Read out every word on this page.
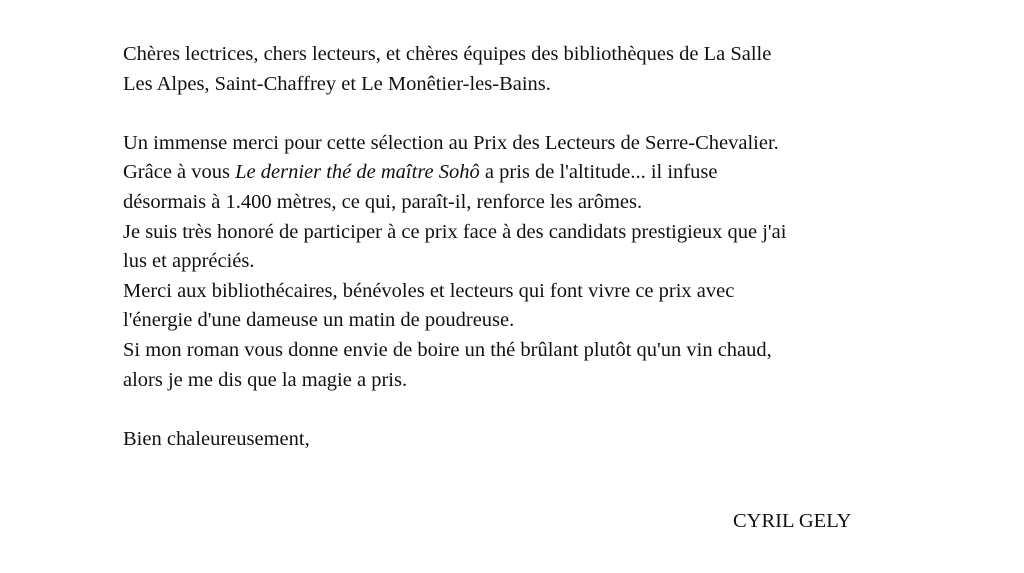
Chères lectrices, chers lecteurs, et chères équipes des bibliothèques de La Salle
Les Alpes, Saint-Chaffrey et Le Monêtier-les-Bains.

Un immense merci pour cette sélection au Prix des Lecteurs de Serre-Chevalier.
Grâce à vous Le dernier thé de maître Sohô a pris de l'altitude... il infuse
désormais à 1.400 mètres, ce qui, paraît-il, renforce les arômes.
Je suis très honoré de participer à ce prix face à des candidats prestigieux que j'ai
lus et appréciés.
Merci aux bibliothécaires, bénévoles et lecteurs qui font vivre ce prix avec
l'énergie d'une dameuse un matin de poudreuse.
Si mon roman vous donne envie de boire un thé brûlant plutôt qu'un vin chaud,
alors je me dis que la magie a pris.

Bien chaleureusement,

CYRIL GELY
